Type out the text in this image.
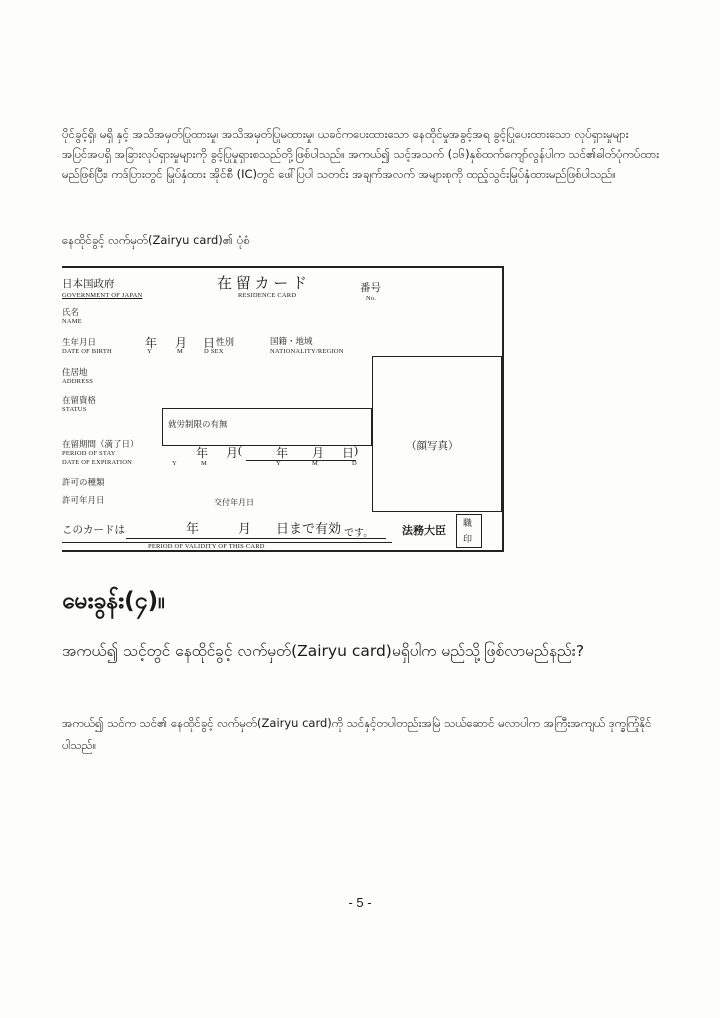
ပိုင်ခွင့်ရှိ၊ မရှိ နှင့် အသိအမှတ်ပြုထားမှု၊ အသိအမှတ်ပြုမထားမှု၊ ယခင်ကပေးထားသော နေထိုင်မှုအခွင့်အရ ခွင့်ပြုပေးထားသော လုပ်ရှားမှုများအပြင်အပရှိ အခြားလုပ်ရှားမှုများကို ခွင့်ပြုမှုရှားစသည်တို့ဖြစ်ပါသည်။ အကယ်၍ သင့်အသက် (၁၆)နှစ်ထက်ကျော်လွန်ပါက သင်၏ဓါတ်ပုံကပ်ထားမည်ဖြစ်ပြီး၊ ကဒ်ပြားတွင် မြုပ်နှံထား အိုင်စီ (IC)တွင် ဖေါ်ပြပါ သတင်း အချက်အလက် အများစုကို ထည့်သွင်းမြုပ်နှံထားမည်ဖြစ်ပါသည်။

နေထိုင်ခွင့် လက်မှတ်(Zairyu card)၏ ပုံစံ

日本国政府
GOVERNMENT OF JAPAN
在 留 カ ー ド
RESIDENCE CARD
番号
No.
氏名
NAME
生年月日
DATE OF BIRTH
年 月 日 性別
Y	M	D SEX
国籍・地域
NATIONALITY/REGION
住居地
ADDRESS
在留資格
STATUS
就労制限の有無
（顔写真）
在留期間（満了日）
PERIOD OF STAY
DATE OF EXPIRATION
年 月 (	年 月 日 )
Y	M	Y	M	D
許可の種類
許可年月日	交付年月日
このカードは	年	月 日まで有効 です。
PERIOD OF VALIDITY OF THIS CARD
法務大臣
職
印
မေးခွန်း(၄)။

အကယ်၍ သင့်တွင် နေထိုင်ခွင့် လက်မှတ်(Zairyu card)မရှိပါက မည်သို့ဖြစ်လာမည်နည်း?

အကယ်၍ သင်က သင်၏ နေထိုင်ခွင့် လက်မှတ်(Zairyu card)ကို သင်နှင့်တပါတည်းအမြဲ သယ်ဆောင် မလာပါက အကြီးအကျယ် ဒုက္ခကြုံနိုင်ပါသည်။

- 5 -
